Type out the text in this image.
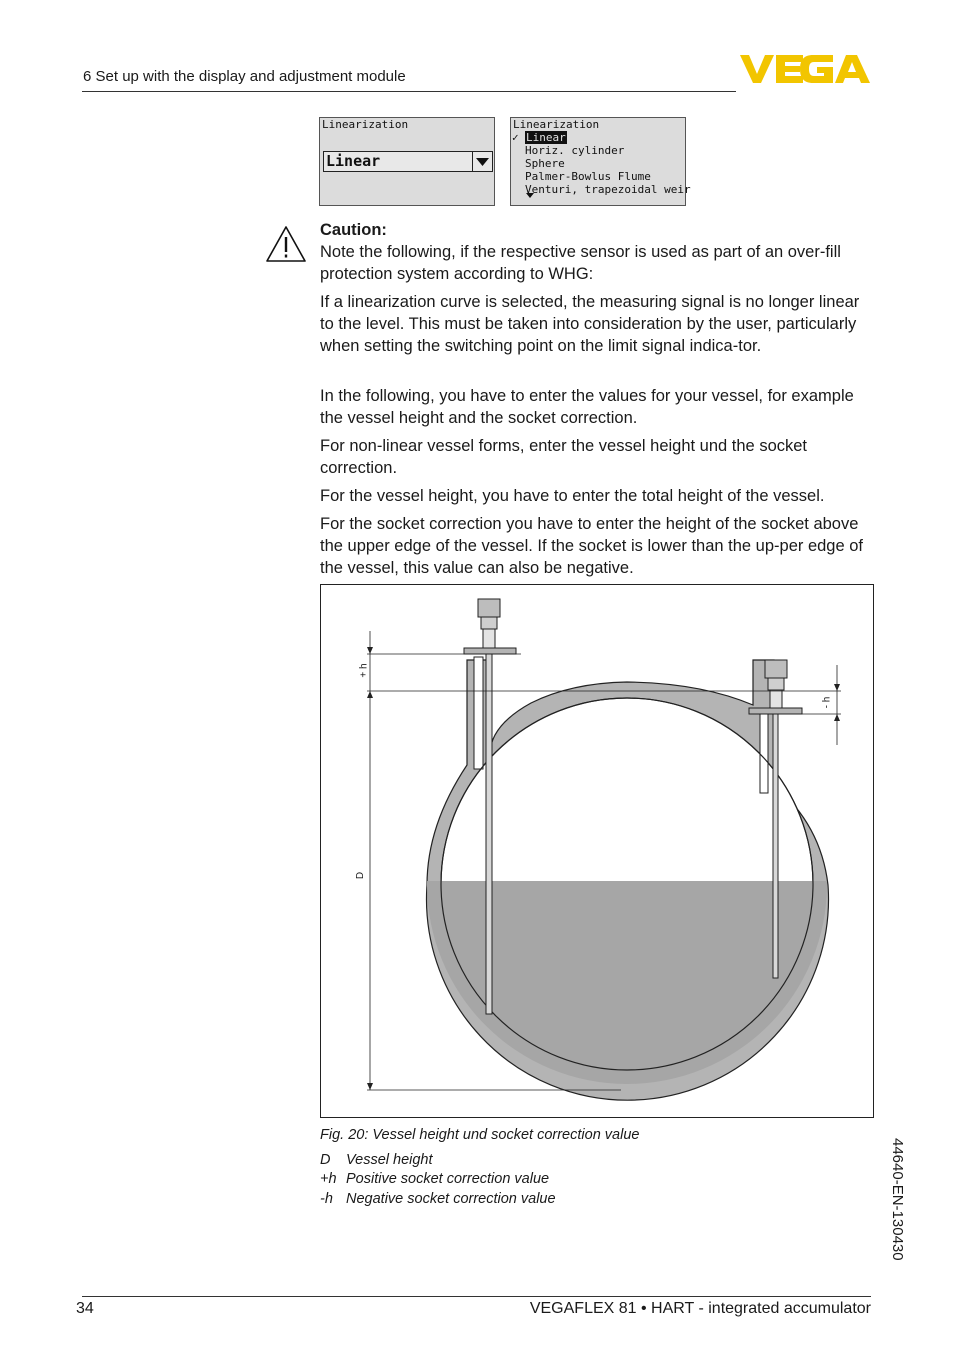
6 Set up with the display and adjustment module
Linearization
Linear
Linearization
✓ Linear
Horiz. cylinder
Sphere
Palmer-Bowlus Flume
Venturi, trapezoidal weir
Caution:
Note the following, if the respective sensor is used as part of an over-fill protection system according to WHG:
If a linearization curve is selected, the measuring signal is no longer linear to the level. This must be taken into consideration by the user, particularly when setting the switching point on the limit signal indica-tor.
In the following, you have to enter the values for your vessel, for example the vessel height and the socket correction.
For non-linear vessel forms, enter the vessel height und the socket correction.
For the vessel height, you have to enter the total height of the vessel.
For the socket correction you have to enter the height of the socket above the upper edge of the vessel. If the socket is lower than the up-per edge of the vessel, this value can also be negative.
+ h
- h
D
Fig. 20: Vessel height und socket correction value
D Vessel height
+h Positive socket correction value
-h Negative socket correction value	44640-EN-130430
34	VEGAFLEX 81 • HART - integrated accumulator
